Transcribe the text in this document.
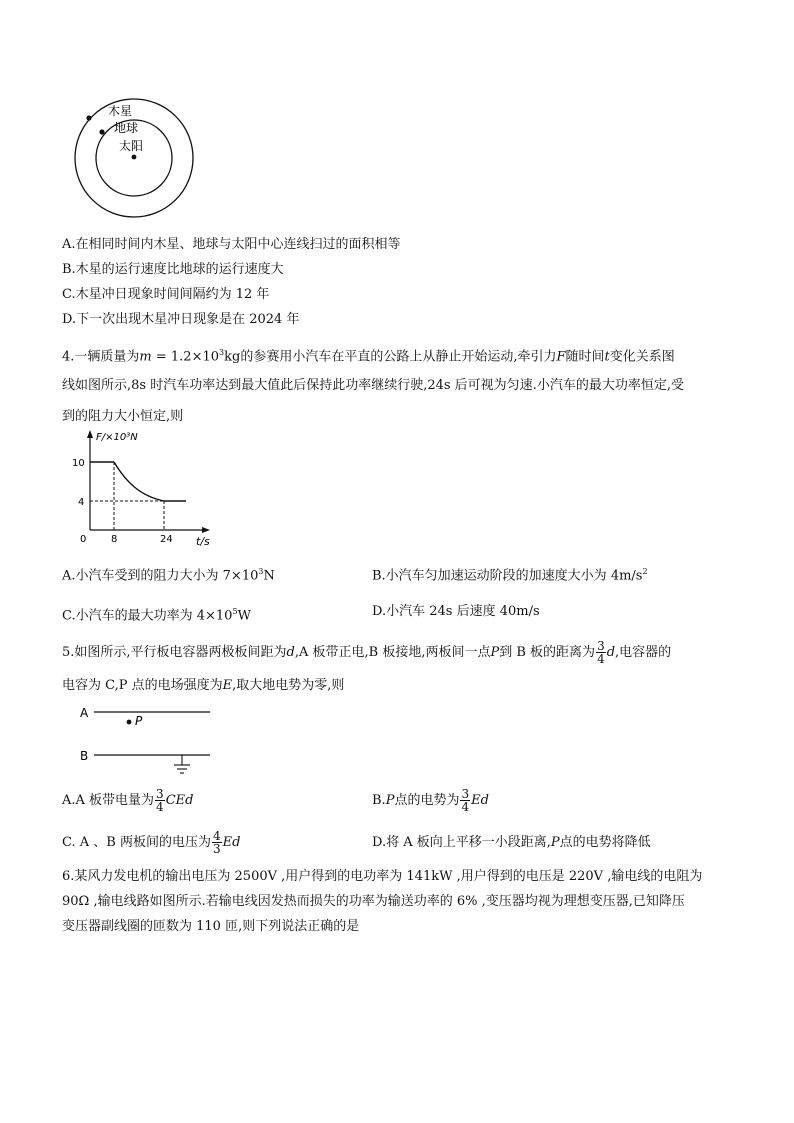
木星
地球
太阳
A.在相同时间内木星、地球与太阳中心连线扫过的面积相等
B.木星的运行速度比地球的运行速度大
C.木星冲日现象时间间隔约为 12 年
D.下一次出现木星冲日现象是在 2024 年
4.一辆质量为$m = 1.2\times 10^3kg$的参赛用小汽车在平直的公路上从静止开始运动,牵引力F随时间t变化关系图
线如图所示,8s 时汽车功率达到最大值此后保持此功率继续行驶,24s 后可视为匀速.小汽车的最大功率恒定,受
到的阻力大小恒定,则
F/×10³N
t/s
0
10
4
8	24
A.小汽车受到的阻力大小为 $7\times 10^3N$	B.小汽车匀加速运动阶段的加速度大小为 $4m/s^2$
C.小汽车的最大功率为 $4\times 10^5W$	D.小汽车 24s 后速度 40m/s
5.如图所示,平行板电容器两极板间距为d,A 板带正电,B 板接地,两板间一点P到 B 板的距离为 $\frac{3}{4} d$,电容器的
电容为 C,P 点的电场强度为E,取大地电势为零,则
A
P
B
A.A 板带电量为 $\frac{3}{4}$ CEd	B.P点的电势为 $\frac{3}{4}$ Ed
C. A 、B 两板间的电压为 $\frac{4}{3}$ Ed	D.将 A 板向上平移一小段距离,P点的电势将降低
6.某风力发电机的输出电压为 2500V ,用户得到的电功率为 141kW ,用户得到的电压是 220V ,输电线的电阻为
90Ω ,输电线路如图所示.若输电线因发热而损失的功率为输送功率的 6% ,变压器均视为理想变压器,已知降压
变压器副线圈的匝数为 110 匝,则下列说法正确的是
